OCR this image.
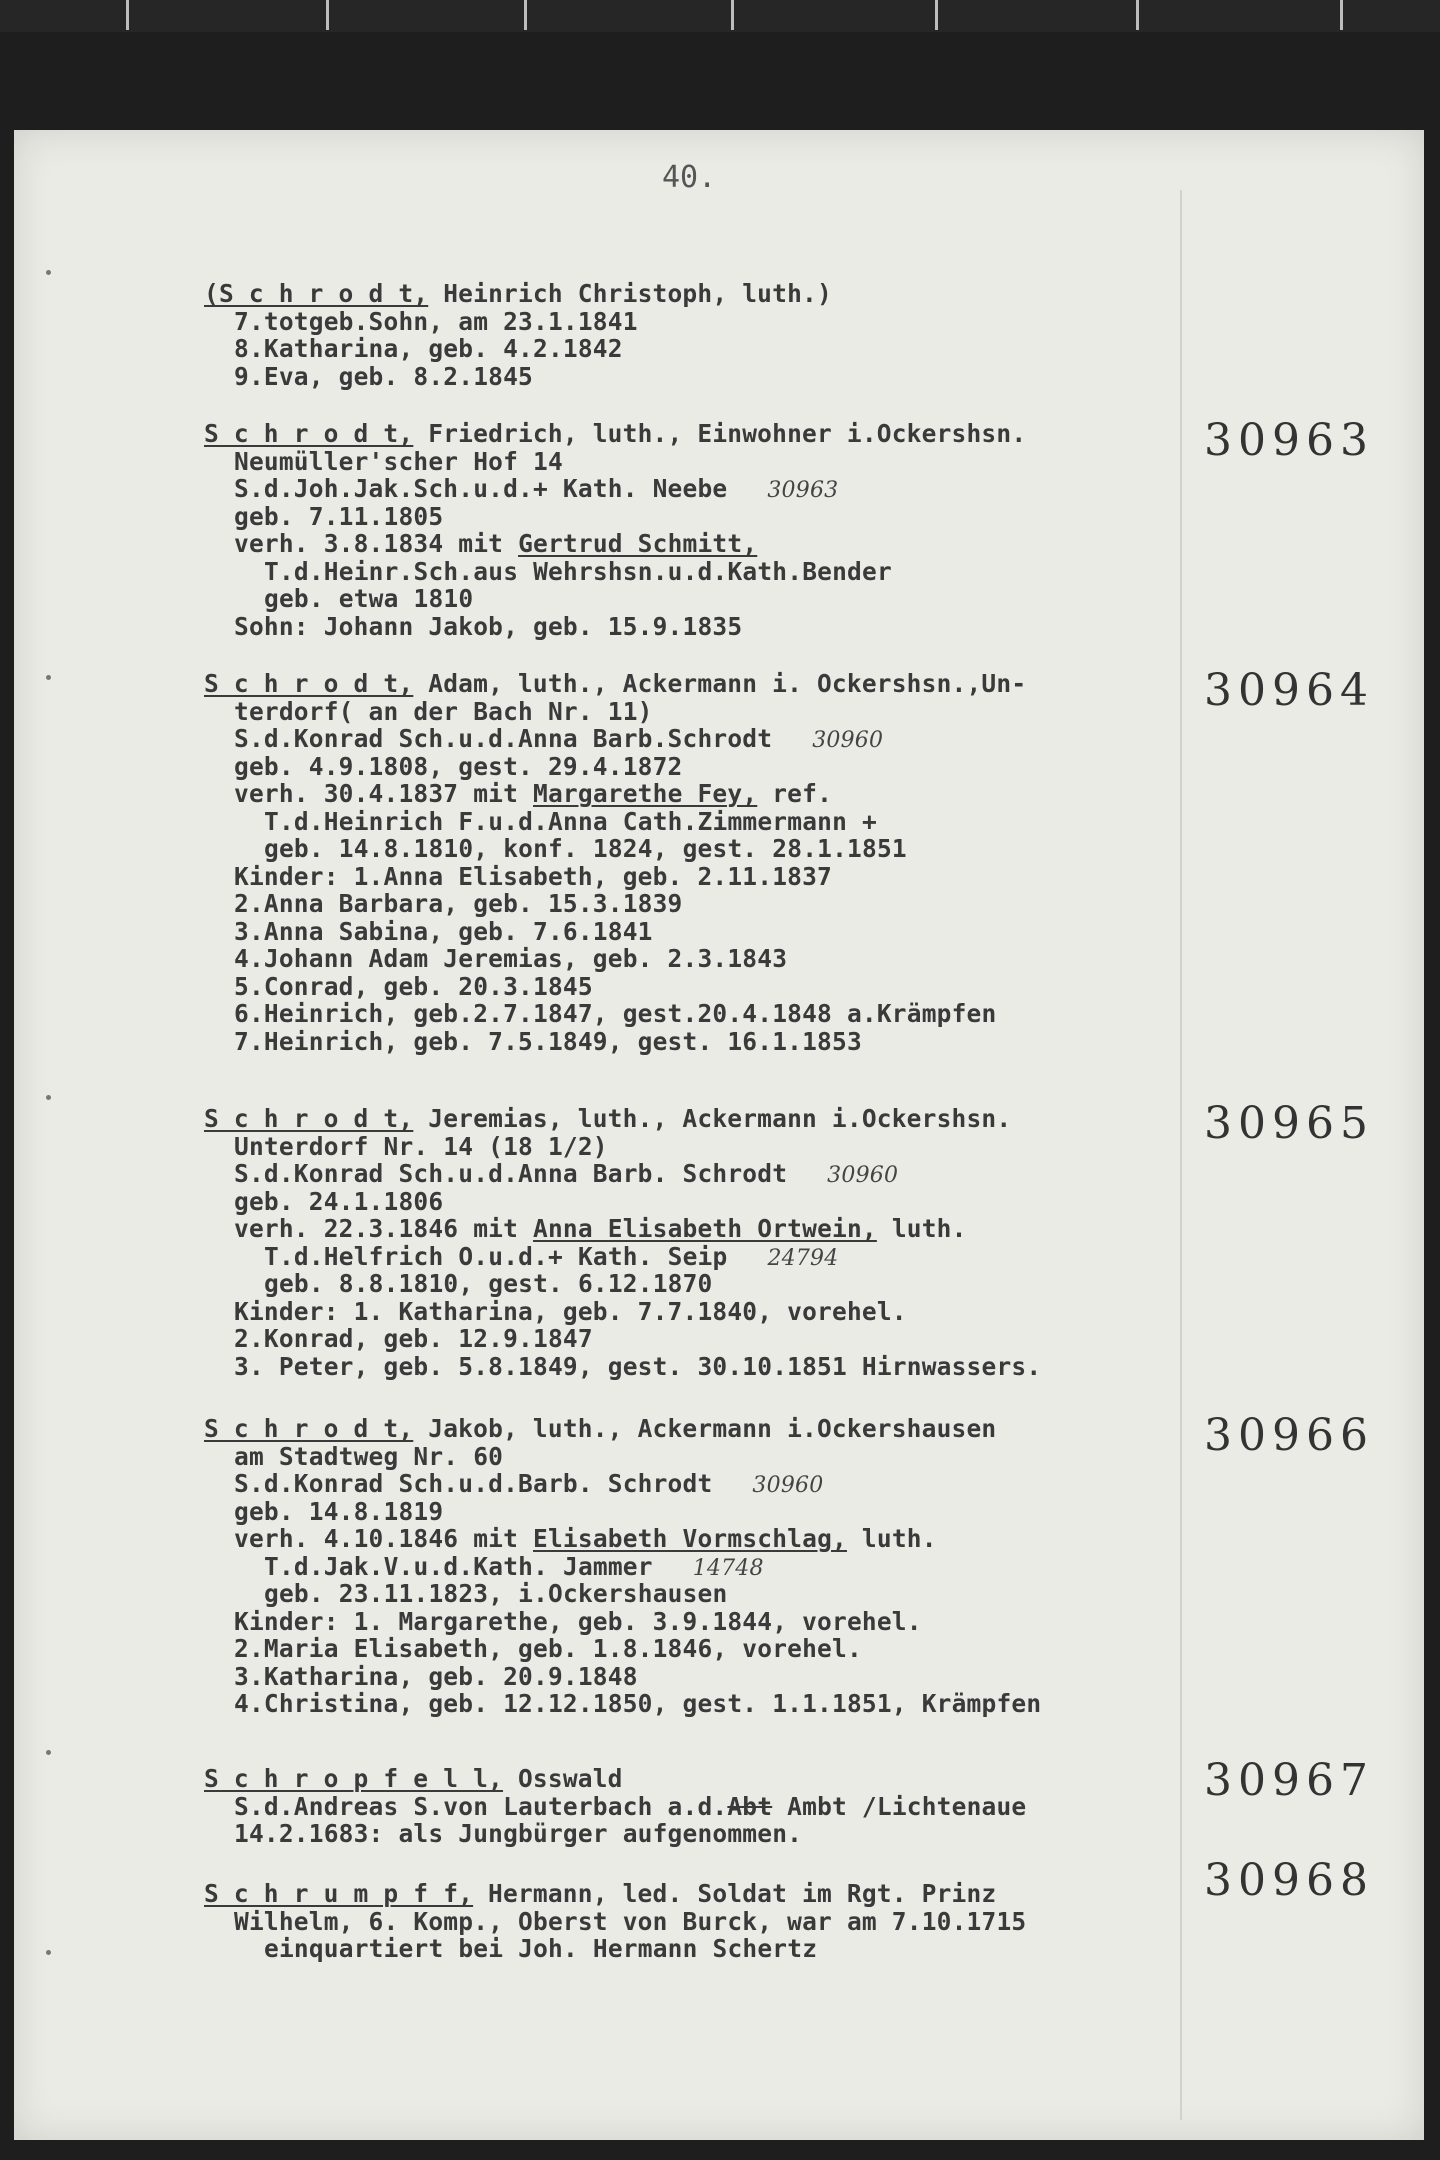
40.
(S c h r o d t, Heinrich Christoph, luth.)
7.totgeb.Sohn, am 23.1.1841
8.Katharina, geb. 4.2.1842
9.Eva, geb. 8.2.1845
30963
S c h r o d t, Friedrich, luth., Einwohner i.Ockershsn.
Neumüller'scher Hof 14
S.d.Joh.Jak.Sch.u.d.+ Kath. Neebe 30963
geb. 7.11.1805
verh. 3.8.1834 mit Gertrud Schmitt,
T.d.Heinr.Sch.aus Wehrshsn.u.d.Kath.Bender
geb. etwa 1810
Sohn: Johann Jakob, geb. 15.9.1835
30964
S c h r o d t, Adam, luth., Ackermann i. Ockershsn.,Un-
terdorf( an der Bach Nr. 11)
S.d.Konrad Sch.u.d.Anna Barb.Schrodt 30960
geb. 4.9.1808, gest. 29.4.1872
verh. 30.4.1837 mit Margarethe Fey, ref.
T.d.Heinrich F.u.d.Anna Cath.Zimmermann +
geb. 14.8.1810, konf. 1824, gest. 28.1.1851
Kinder: 1.Anna Elisabeth, geb. 2.11.1837
2.Anna Barbara, geb. 15.3.1839
3.Anna Sabina, geb. 7.6.1841
4.Johann Adam Jeremias, geb. 2.3.1843
5.Conrad, geb. 20.3.1845
6.Heinrich, geb.2.7.1847, gest.20.4.1848 a.Krämpfen
7.Heinrich, geb. 7.5.1849, gest. 16.1.1853
30965
S c h r o d t, Jeremias, luth., Ackermann i.Ockershsn.
Unterdorf Nr. 14 (18 1/2)
S.d.Konrad Sch.u.d.Anna Barb. Schrodt 30960
geb. 24.1.1806
verh. 22.3.1846 mit Anna Elisabeth Ortwein, luth.
T.d.Helfrich O.u.d.+ Kath. Seip 24794
geb. 8.8.1810, gest. 6.12.1870
Kinder: 1. Katharina, geb. 7.7.1840, vorehel.
2.Konrad, geb. 12.9.1847
3. Peter, geb. 5.8.1849, gest. 30.10.1851 Hirnwassers.
30966
S c h r o d t, Jakob, luth., Ackermann i.Ockershausen
am Stadtweg Nr. 60
S.d.Konrad Sch.u.d.Barb. Schrodt 30960
geb. 14.8.1819
verh. 4.10.1846 mit Elisabeth Vormschlag, luth.
T.d.Jak.V.u.d.Kath. Jammer 14748
geb. 23.11.1823, i.Ockershausen
Kinder: 1. Margarethe, geb. 3.9.1844, vorehel.
2.Maria Elisabeth, geb. 1.8.1846, vorehel.
3.Katharina, geb. 20.9.1848
4.Christina, geb. 12.12.1850, gest. 1.1.1851, Krämpfen
30967
S c h r o p f e l l, Osswald
S.d.Andreas S.von Lauterbach a.d.Abt Ambt /Lichtenaue
14.2.1683: als Jungbürger aufgenommen.
30968
S c h r u m p f f, Hermann, led. Soldat im Rgt. Prinz
Wilhelm, 6. Komp., Oberst von Burck, war am 7.10.1715
einquartiert bei Joh. Hermann Schertz
